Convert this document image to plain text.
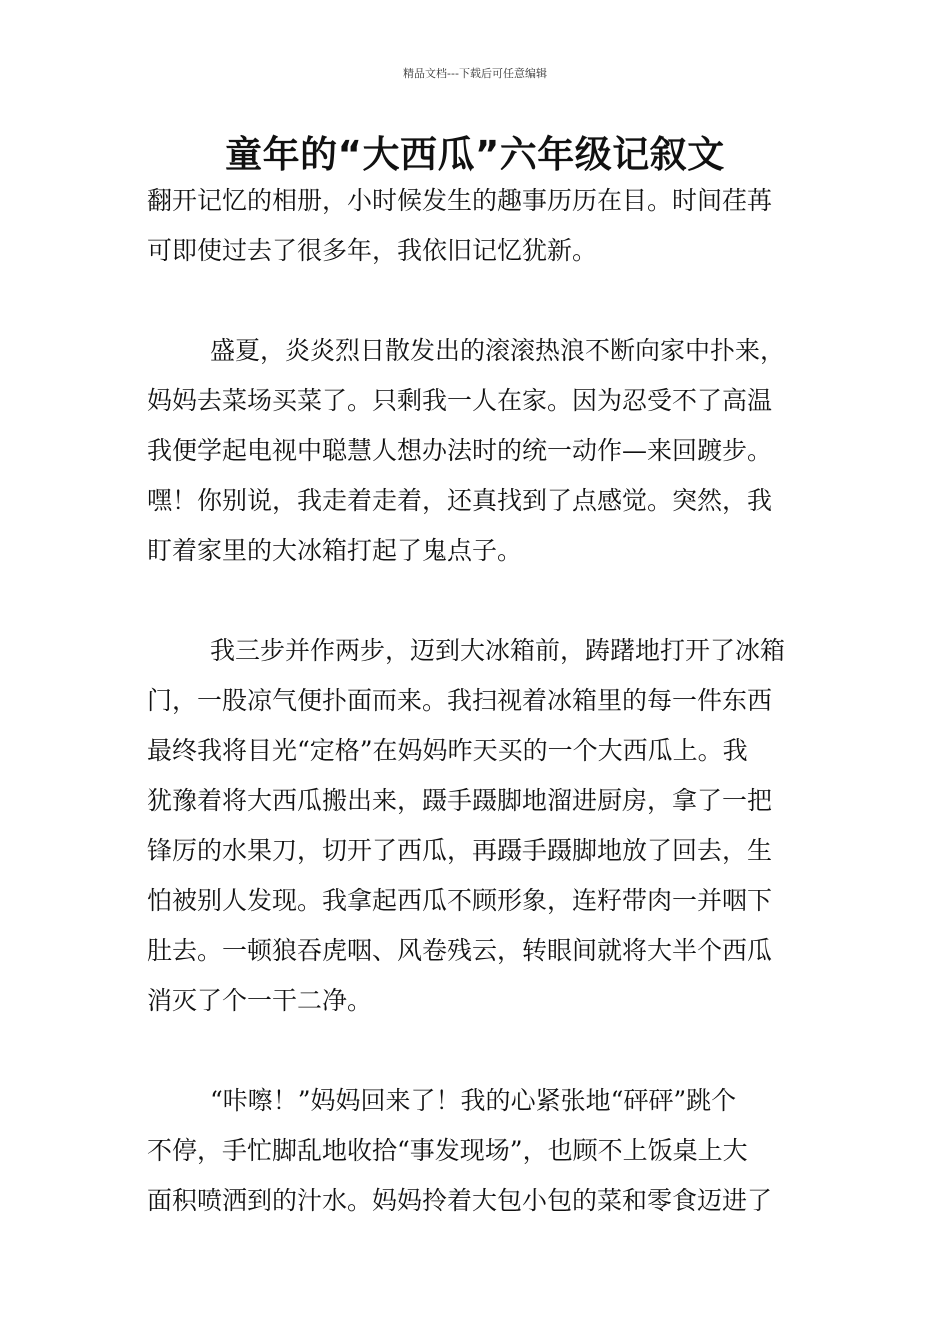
精品文档---下载后可任意编辑
童年的“大西瓜”六年级记叙文
翻开记忆的相册，小时候发生的趣事历历在目。时间荏苒
可即使过去了很多年，我依旧记忆犹新。
盛夏，炎炎烈日散发出的滚滚热浪不断向家中扑来，
妈妈去菜场买菜了。只剩我一人在家。因为忍受不了高温
我便学起电视中聪慧人想办法时的统一动作—来回踱步。
嘿！你别说，我走着走着，还真找到了点感觉。突然，我
盯着家里的大冰箱打起了鬼点子。
我三步并作两步，迈到大冰箱前，踌躇地打开了冰箱
门，一股凉气便扑面而来。我扫视着冰箱里的每一件东西
最终我将目光“定格”在妈妈昨天买的一个大西瓜上。我
犹豫着将大西瓜搬出来，蹑手蹑脚地溜进厨房，拿了一把
锋厉的水果刀，切开了西瓜，再蹑手蹑脚地放了回去，生
怕被别人发现。我拿起西瓜不顾形象，连籽带肉一并咽下
肚去。一顿狼吞虎咽、风卷残云，转眼间就将大半个西瓜
消灭了个一干二净。
“咔嚓！”妈妈回来了！我的心紧张地“砰砰”跳个
不停，手忙脚乱地收拾“事发现场”，也顾不上饭桌上大
面积喷洒到的汁水。妈妈拎着大包小包的菜和零食迈进了
